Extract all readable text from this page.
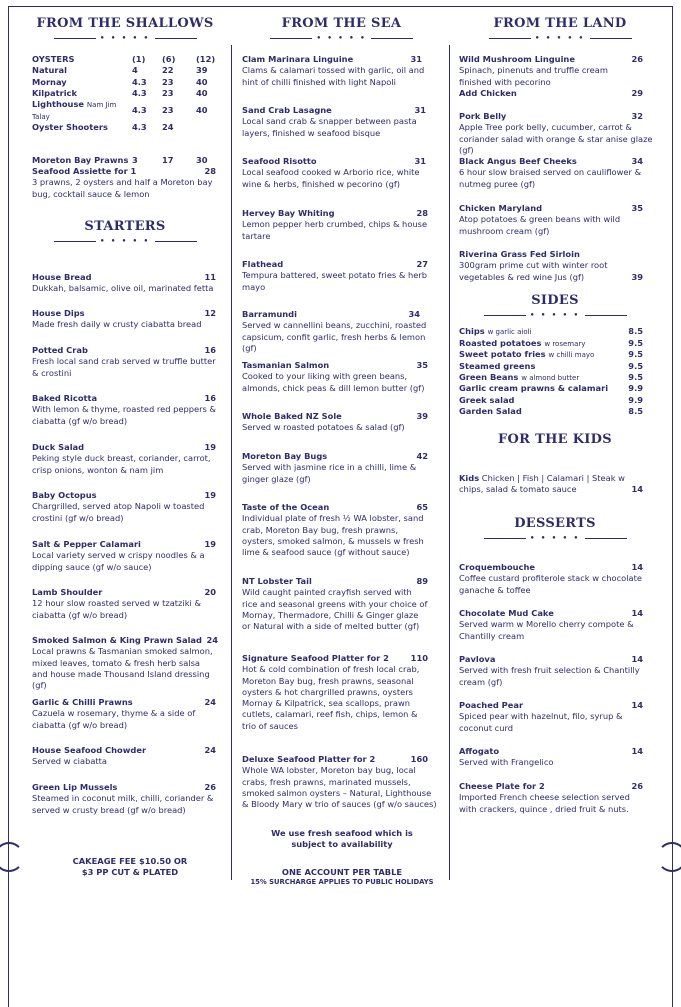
FROM THE SHALLOWS
• • • • •
OYSTERS	(1)	(6)	(12)
Natural	4	22	39
Mornay	4.3	23	40
Kilpatrick	4.3	23	40
Lighthouse Nam Jim Talay	4.3	23	40
Oyster Shooters	4.3	24	

Moreton Bay Prawns	3	17	30
Seafood Assiette for 1	28
3 prawns, 2 oysters and half a Moreton bay bug, cocktail sauce & lemon
STARTERS
• • • • •
House Bread	11
Dukkah, balsamic, olive oil, marinated fetta
House Dips	12
Made fresh daily w crusty ciabatta bread
Potted Crab	16
Fresh local sand crab served w truffle butter & crostini
Baked Ricotta	16
With lemon & thyme, roasted red peppers & ciabatta (gf w/o bread)
Duck Salad	19
Peking style duck breast, coriander, carrot, crisp onions, wonton & nam jim
Baby Octopus	19
Chargrilled, served atop Napoli w toasted crostini (gf w/o bread)
Salt & Pepper Calamari	19
Local variety served w crispy noodles & a dipping sauce (gf w/o sauce)
Lamb Shoulder	20
12 hour slow roasted served w tzatziki & ciabatta (gf w/o bread)
Smoked Salmon & King Prawn Salad 24
Local prawns & Tasmanian smoked salmon, mixed leaves, tomato & fresh herb salsa and house made Thousand Island dressing (gf)
Garlic & Chilli Prawns	24
Cazuela w rosemary, thyme & a side of ciabatta (gf w/o bread)
House Seafood Chowder	24
Served w ciabatta
Green Lip Mussels	26
Steamed in coconut milk, chilli, coriander & served w crusty bread (gf w/o bread)
CAKEAGE FEE $10.50 OR
$3 PP CUT & PLATED
FROM THE SEA
• • • • •
Clam Marinara Linguine	31
Clams & calamari tossed with garlic, oil and hint of chilli finished with light Napoli
Sand Crab Lasagne	31
Local sand crab & snapper between pasta layers, finished w seafood bisque
Seafood Risotto	31
Local seafood cooked w Arborio rice, white wine & herbs, finished w pecorino (gf)
Hervey Bay Whiting	28
Lemon pepper herb crumbed, chips & house tartare
Flathead	27
Tempura battered, sweet potato fries & herb mayo
Barramundi	34
Served w cannellini beans, zucchini, roasted capsicum, confit garlic, fresh herbs & lemon (gf)
Tasmanian Salmon	35
Cooked to your liking with green beans, almonds, chick peas & dill lemon butter (gf)
Whole Baked NZ Sole	39
Served w roasted potatoes & salad (gf)
Moreton Bay Bugs	42
Served with jasmine rice in a chilli, lime & ginger glaze (gf)
Taste of the Ocean	65
Individual plate of fresh ½ WA lobster, sand crab, Moreton Bay bug, fresh prawns, oysters, smoked salmon, & mussels w fresh lime & seafood sauce (gf without sauce)
NT Lobster Tail	89
Wild caught painted crayfish served with rice and seasonal greens with your choice of Mornay, Thermadore, Chilli & Ginger glaze or Natural with a side of melted butter (gf)
Signature Seafood Platter for 2	110
Hot & cold combination of fresh local crab, Moreton Bay bug, fresh prawns, seasonal oysters & hot chargrilled prawns, oysters Mornay & Kilpatrick, sea scallops, prawn cutlets, calamari, reef fish, chips, lemon & trio of sauces
Deluxe Seafood Platter for 2	160
Whole WA lobster, Moreton bay bug, local crabs, fresh prawns, marinated mussels, smoked salmon oysters – Natural, Lighthouse & Bloody Mary w trio of sauces (gf w/o sauces)
We use fresh seafood which is
subject to availability
ONE ACCOUNT PER TABLE
15% SURCHARGE APPLIES TO PUBLIC HOLIDAYS
FROM THE LAND
• • • • •
Wild Mushroom Linguine	26
Spinach, pinenuts and truffle cream finished with pecorino
Add Chicken	29
Pork Belly	32
Apple Tree pork belly, cucumber, carrot & coriander salad with orange & star anise glaze (gf)
Black Angus Beef Cheeks	34
6 hour slow braised served on cauliflower & nutmeg puree (gf)
Chicken Maryland	35
Atop potatoes & green beans with wild mushroom cream (gf)
Riverina Grass Fed Sirloin
300gram prime cut with winter root vegetables & red wine Jus (gf)	39
SIDES
• • • • •
Chips w garlic aioli	8.5
Roasted potatoes w rosemary	9.5
Sweet potato fries w chilli mayo	9.5
Steamed greens	9.5
Green Beans w almond butter	9.5
Garlic cream prawns & calamari	9.9
Greek salad	9.9
Garden Salad	8.5
FOR THE KIDS
Kids Chicken | Fish | Calamari | Steak w chips, salad & tomato sauce	14
DESSERTS
• • • • •
Croquembouche	14
Coffee custard profiterole stack w chocolate ganache & toffee
Chocolate Mud Cake	14
Served warm w Morello cherry compote & Chantilly cream
Pavlova	14
Served with fresh fruit selection & Chantilly cream (gf)
Poached Pear	14
Spiced pear with hazelnut, filo, syrup & coconut curd
Affogato	14
Served with Frangelico
Cheese Plate for 2	26
Imported French cheese selection served with crackers, quince , dried fruit & nuts.
